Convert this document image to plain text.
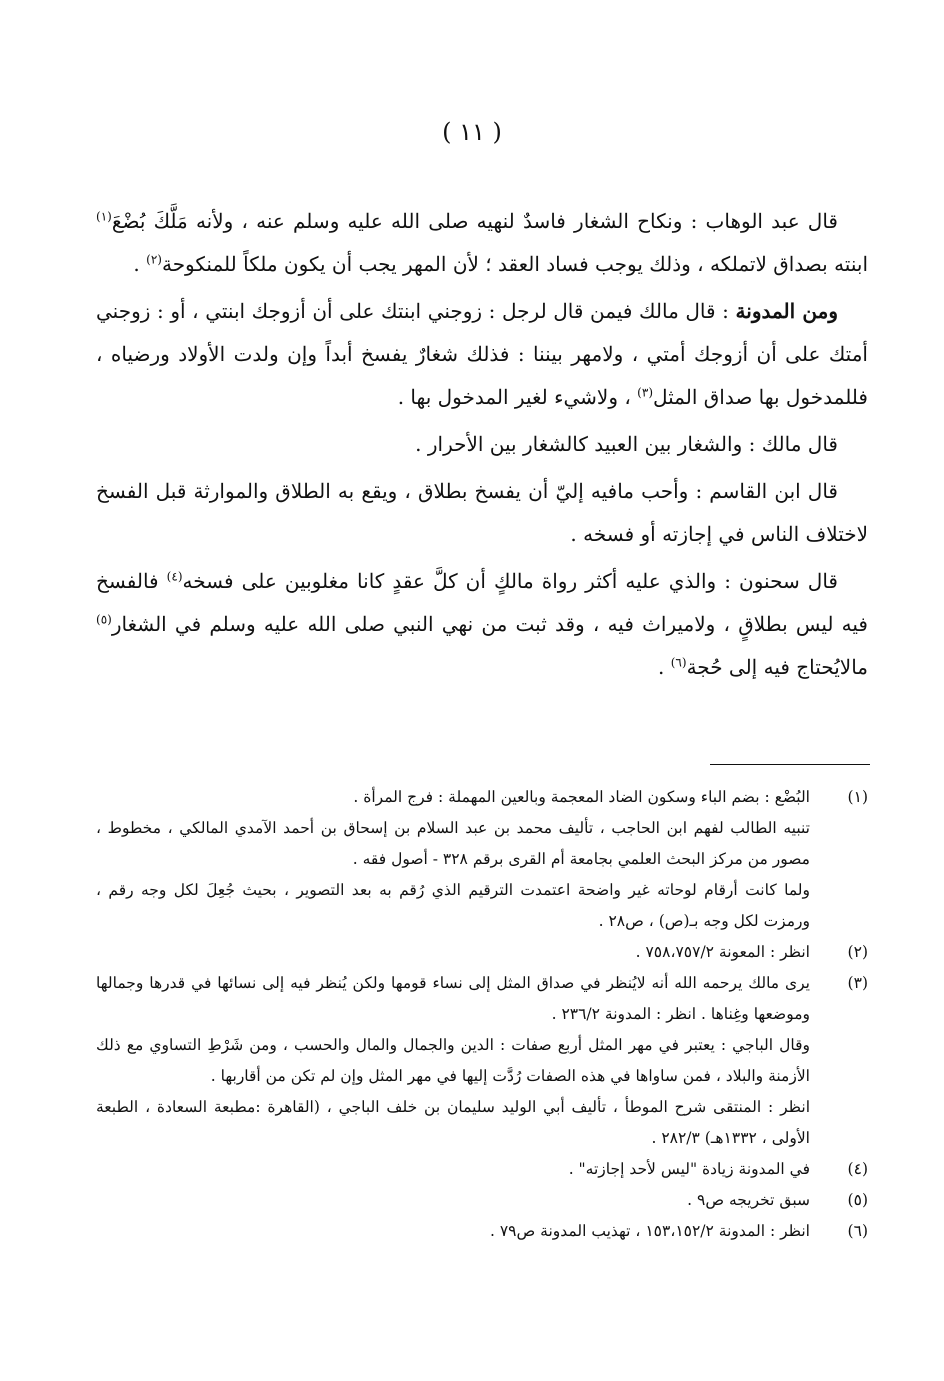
( ١١ )

قال عبد الوهاب : ونكاح الشغار فاسدٌ لنهيه صلى الله عليه وسلم عنه ، ولأنه مَلَّكَ بُضْعَ$^{(١)}$ ابنته بصداق لاتملكه ، وذلك يوجب فساد العقد ؛ لأن المهر يجب أن يكون ملكاً للمنكوحة$^{(٢)}$ .

ومن المدونة : قال مالك فيمن قال لرجل : زوجني ابنتك على أن أزوجك ابنتي ، أو : زوجني أمتك على أن أزوجك أمتي ، ولامهر بيننا : فذلك شغارٌ يفسخ أبداً وإن ولدت الأولاد ورضياه ، فللمدخول بها صداق المثل$^{(٣)}$ ، ولاشيء لغير المدخول بها .

قال مالك : والشغار بين العبيد كالشغار بين الأحرار .

قال ابن القاسم : وأحب مافيه إليّ أن يفسخ بطلاق ، ويقع به الطلاق والموارثة قبل الفسخ لاختلاف الناس في إجازته أو فسخه .

قال سحنون : والذي عليه أكثر رواة مالكٍ أن كلَّ عقدٍ كانا مغلوبين على فسخه$^{(٤)}$ فالفسخ فيه ليس بطلاقٍ ، ولاميراث فيه ، وقد ثبت من نهي النبي صلى الله عليه وسلم في الشغار$^{(٥)}$ مالايُحتاج فيه إلى حُجة$^{(٦)}$ .

(١)

البُضْع : بضم الباء وسكون الضاد المعجمة وبالعين المهملة : فرج المرأة .

تنبيه الطالب لفهم ابن الحاجب ، تأليف محمد بن عبد السلام بن إسحاق بن أحمد الآمدي المالكي ، مخطوط ، مصور من مركز البحث العلمي بجامعة أم القرى برقم ٣٢٨ - أصول فقه .

ولما كانت أرقام لوحاته غير واضحة اعتمدت الترقيم الذي رُقم به بعد التصوير ، بحيث جُعِلَ لكل وجه رقم ، ورمزت لكل وجه بـ(ص) ، ص٢٨ .

(٢)

انظر : المعونة ٧٥٨،٧٥٧/٢ .

(٣)

يرى مالك يرحمه الله أنه لايُنظر في صداق المثل إلى نساء قومها ولكن يُنظر فيه إلى نسائها في قدرها وجمالها وموضعها وغِناها . انظر : المدونة ٢٣٦/٢ .

وقال الباجي : يعتبر في مهر المثل أربع صفات : الدين والجمال والمال والحسب ، ومن شَرْطِ التساوي مع ذلك الأزمنة والبلاد ، فمن ساواها في هذه الصفات رُدَّت إليها في مهر المثل وإن لم تكن من أقاربها .

انظر : المنتقى شرح الموطأ ، تأليف أبي الوليد سليمان بن خلف الباجي ، (القاهرة :مطبعة السعادة ، الطبعة الأولى ، ١٣٣٢هـ) ٢٨٢/٣ .

(٤)

في المدونة زيادة "ليس لأحد إجازته" .

(٥)

سبق تخريجه ص٩ .

(٦)

انظر : المدونة ١٥٣،١٥٢/٢ ، تهذيب المدونة ص٧٩ .
